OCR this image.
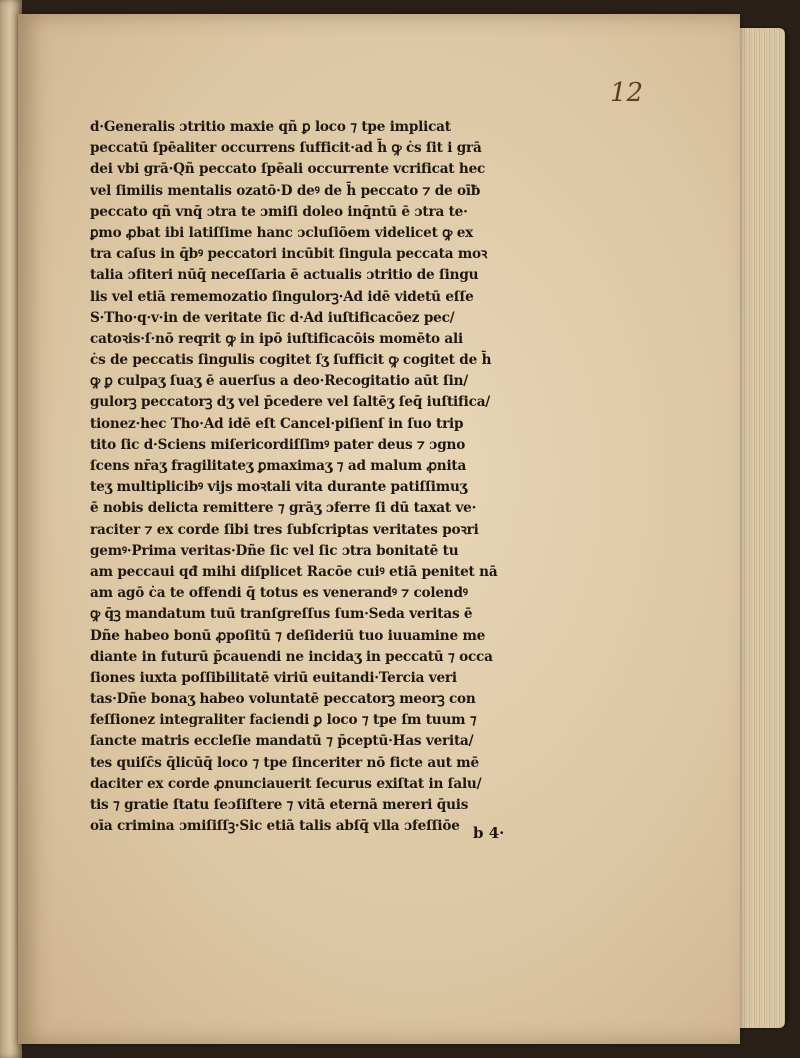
12
d·Generalis ɔtritio maxie qñ ꝑ loco ⁊ tpe implicat
peccatū ſpēaliter occurrens ſufficit·ad h̄ ꝙ ċs ſit i grā
dei vbi grā·Qñ peccato ſpēali occurrente vcrificat hec
vel ſimilis mentalis ozatō·D deꝰ de h̄ peccato ⁊ de oīƀ
peccato qñ vnq̄ ɔtra te ɔmiſi doleo inq̄ntū ē ɔtra te·
ꝑmo ꝓbat ibi latiſſime hanc ɔcluſiōem videlicet ꝙ ex
tra caſus in q̄bꝰ peccatori incūbit ſingula peccata moꝛ
talia ɔfiteri nūq̄ neceſſaria ē actualis ɔtritio de ſingu
lis vel etiā rememozatio ſingulorꝫ·Ad idē videtū eſſe
S·Tho·q·v·in de veritate ſic d·Ad iuſtificacōez pec/
catoꝛis·ſ·nō reqrit ꝙ in ipō iuſtificacōis momēto ali
ċs de peccatis ſingulis cogitet ſʒ ſufficit ꝙ cogitet de h̄
ꝙ ꝑ culpaʒ ſuaʒ ē auerſus a deo·Recogitatio aūt ſin/
gulorꝫ peccatorꝫ dʒ vel p̄cedere vel ſaltēʒ ſeq̄ iuſtifica/
tionez·hec Tho·Ad idē eſt Cancel·piſienſ in ſuo trip
tito ſic d·Sciens miſericordiſſimꝰ pater deus ⁊ ɔgno
ſcens nr̄aʒ fragilitateʒ ꝑmaximaʒ ⁊ ad malum ꝓnita
teʒ multiplicibꝰ vijs moꝛtali vita durante patiſſimuʒ
ē nobis delicta remittere ⁊ grāʒ ɔferre ſi dū taxat ve·
raciter ⁊ ex corde ſibi tres ſubſcriptas veritates poꝛri
gemꝰ·Prima veritas·Dñe ſic vel ſic ɔtra bonitatē tu
am peccaui qđ mihi diſplicet Racōe cuiꝰ etiā penitet nā
am agō ċa te offendi q̄ totus es venerandꝰ ⁊ colendꝰ
ꝙ q̄ꝫ mandatum tuū tranſgreſſus ſum·Seda veritas ē
Dñe habeo bonū ꝓpoſitū ⁊ deſideriū tuo iuuamine me
diante in futurū p̄cauendi ne incidaʒ in peccatū ⁊ occa
ſiones iuxta poſſibilitatē viriū euitandi·Tercia veri
tas·Dñe bonaʒ habeo voluntatē peccatorꝫ meorꝫ con
feſſionez integraliter faciendi ꝑ loco ⁊ tpe ſm tuum ⁊
ſancte matris eccleſie mandatū ⁊ p̄ceptū·Has verita/
tes quiſc̄s q̄licūq̄ loco ⁊ tpe ſinceriter nō ficte aut mē
daciter ex corde ꝓnunciauerit ſecurus exiſtat in ſalu/
tis ⁊ gratie ſtatu ſeɔſiſtere ⁊ vitā eternā mereri q̄uis
oīa crimina ɔmiſiſſꝫ·Sic etiā talis abſq̄ vlla ɔfeſſiōe b 4·
